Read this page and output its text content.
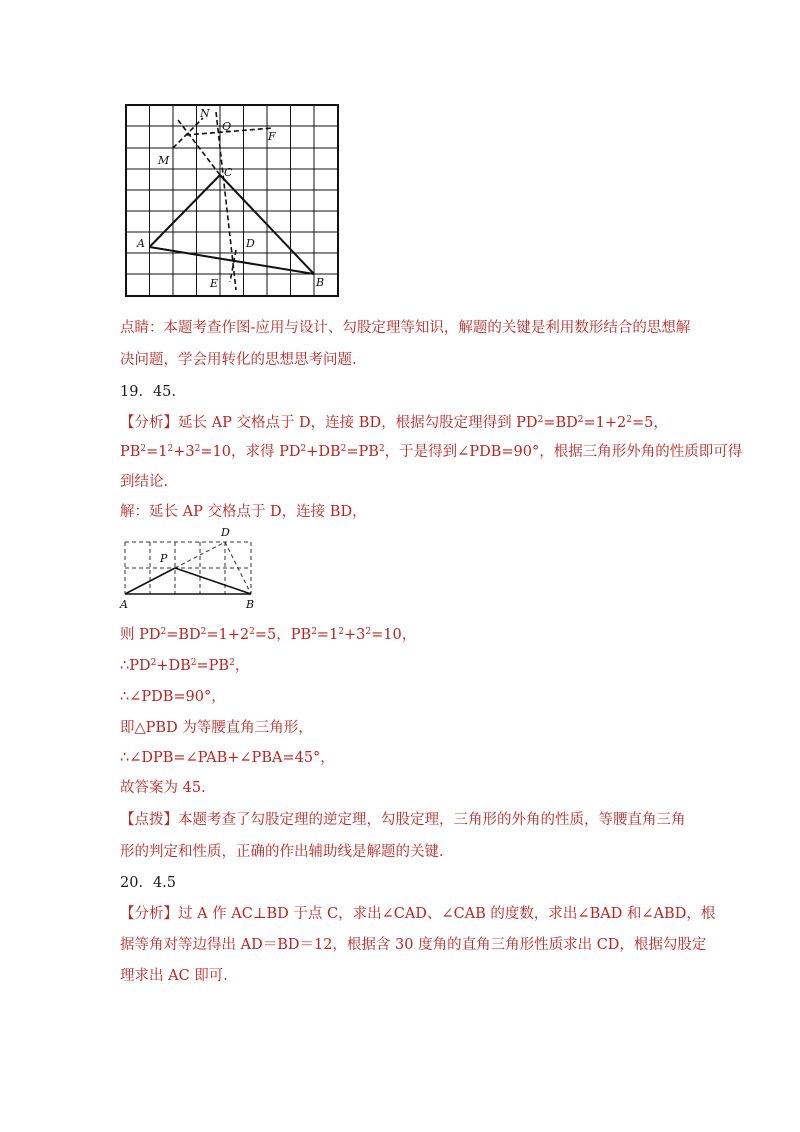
N
Q
F
M
C
A	D
E	B
点睛：本题考查作图-应用与设计、勾股定理等知识，解题的关键是利用数形结合的思想解
决问题，学会用转化的思想思考问题.
19．45.
【分析】延长 AP 交格点于 D，连接 BD，根据勾股定理得到 $PD^2=BD^2=1+2^2=5$，
$PB^2=1^2+3^2=10$，求得 $PD^2+DB^2=PB^2$，于是得到∠PDB=90°，根据三角形外角的性质即可得
到结论.
解：延长 AP 交格点于 D，连接 BD，
D
P
A	B
则 $PD^2=BD^2=1+2^2=5$，$PB^2=1^2+3^2=10$，
$\therefore PD^2+DB^2=PB^2$，
∴∠PDB=90°，
即△PBD 为等腰直角三角形，
∴∠DPB=∠PAB+∠PBA=45°，
故答案为 45.
【点拨】本题考查了勾股定理的逆定理，勾股定理，三角形的外角的性质，等腰直角三角
形的判定和性质，正确的作出辅助线是解题的关键.
20．4.5
【分析】过 A 作 AC⊥BD 于点 C，求出∠CAD、∠CAB 的度数，求出∠BAD 和∠ABD，根
据等角对等边得出 AD＝BD＝12，根据含 30 度角的直角三角形性质求出 CD，根据勾股定
理求出 AC 即可.
